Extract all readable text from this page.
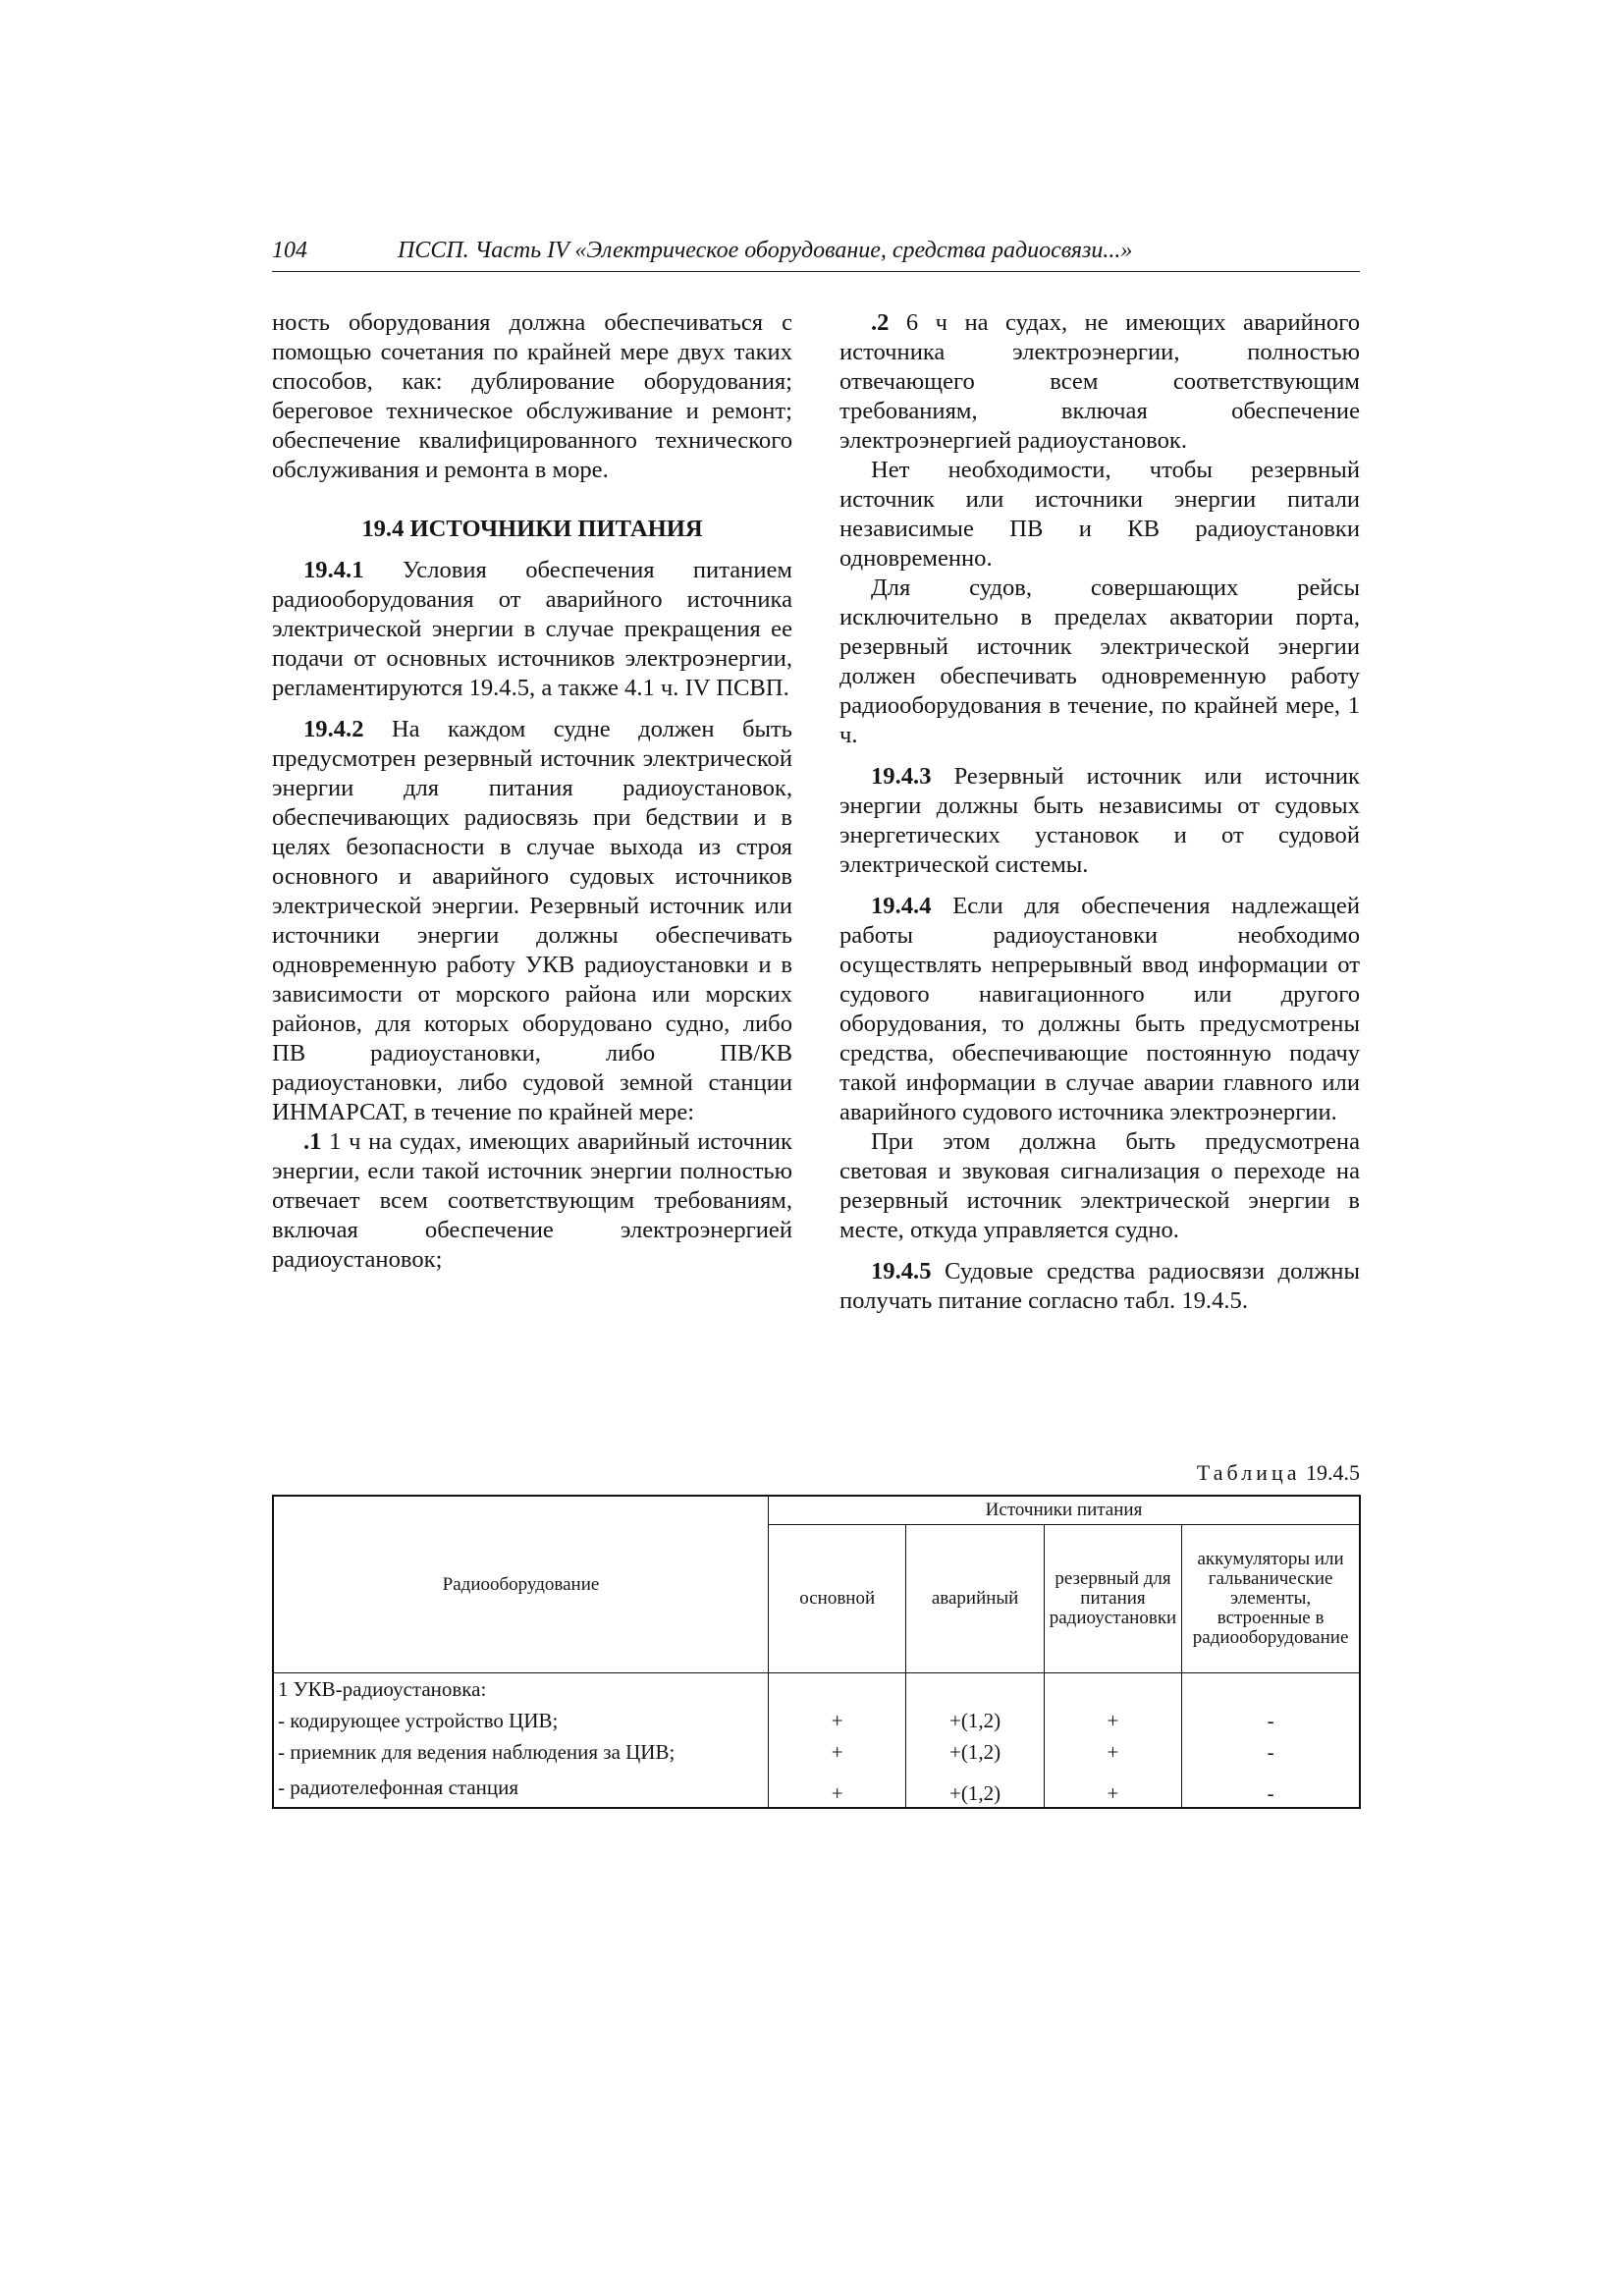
104	ПССП. Часть IV «Электрическое оборудование, средства радиосвязи...»

ность оборудования должна обеспечиваться с помощью сочетания по крайней мере двух таких способов, как: дублирование оборудования; береговое техническое обслуживание и ремонт; обеспечение квалифицированного технического обслуживания и ремонта в море.

19.4 ИСТОЧНИКИ ПИТАНИЯ

19.4.1 Условия обеспечения питанием радиооборудования от аварийного источника электрической энергии в случае прекращения ее подачи от основных источников электроэнергии, регламентируются 19.4.5, а также 4.1 ч. IV ПСВП.

19.4.2 На каждом судне должен быть предусмотрен резервный источник электрической энергии для питания радиоустановок, обеспечивающих радиосвязь при бедствии и в целях безопасности в случае выхода из строя основного и аварийного судовых источников электрической энергии. Резервный источник или источники энергии должны обеспечивать одновременную работу УКВ радиоустановки и в зависимости от морского района или морских районов, для которых оборудовано судно, либо ПВ радиоустановки, либо ПВ/КВ радиоустановки, либо судовой земной станции ИНМАРСАТ, в течение по крайней мере:

.1 1 ч на судах, имеющих аварийный источник энергии, если такой источник энергии полностью отвечает всем соответствующим требованиям, включая обеспечение электроэнергией радиоустановок;

.2 6 ч на судах, не имеющих аварийного источника электроэнергии, полностью отвечающего всем соответствующим требованиям, включая обеспечение электроэнергией радиоустановок.

Нет необходимости, чтобы резервный источник или источники энергии питали независимые ПВ и КВ радиоустановки одновременно.

Для судов, совершающих рейсы исключительно в пределах акватории порта, резервный источник электрической энергии должен обеспечивать одновременную работу радиооборудования в течение, по крайней мере, 1 ч.

19.4.3 Резервный источник или источник энергии должны быть независимы от судовых энергетических установок и от судовой электрической системы.

19.4.4 Если для обеспечения надлежащей работы радиоустановки необходимо осуществлять непрерывный ввод информации от судового навигационного или другого оборудования, то должны быть предусмотрены средства, обеспечивающие постоянную подачу такой информации в случае аварии главного или аварийного судового источника электроэнергии.

При этом должна быть предусмотрена световая и звуковая сигнализация о переходе на резервный источник электрической энергии в месте, откуда управляется судно.

19.4.5 Судовые средства радиосвязи должны получать питание согласно табл. 19.4.5.

Таблица 19.4.5
Радиооборудование	Источники питания			
	основной	аварийный	резервный для питания радиоустановки	аккумуляторы или гальванические элементы, встроенные в радиооборудование
1 УКВ-радиоустановка:				
- кодирующее устройство ЦИВ;	+	+(1,2)	+	-
- приемник для ведения наблюдения за ЦИВ;	+	+(1,2)	+	-
- радиотелефонная станция	+	+(1,2)	+	-
